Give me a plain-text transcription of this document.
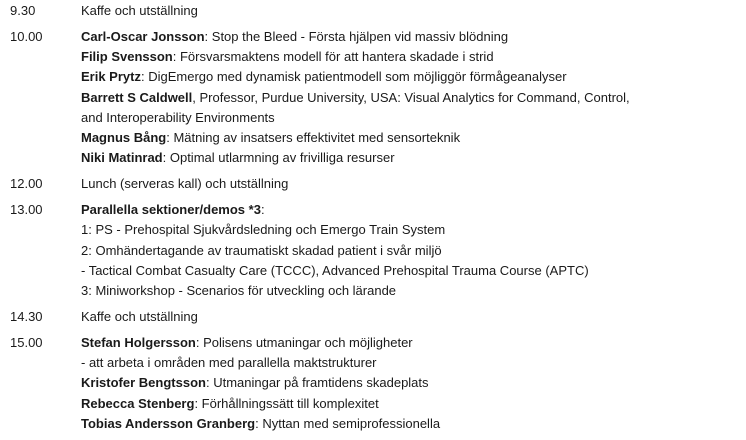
9.30	Kaffe och utställning
10.00	Carl-Oscar Jonsson: Stop the Bleed - Första hjälpen vid massiv blödning
Filip Svensson: Försvarsmaktens modell för att hantera skadade i strid
Erik Prytz: DigEmergo med dynamisk patientmodell som möjliggör förmågeanalyser
Barrett S Caldwell, Professor, Purdue University, USA: Visual Analytics for Command, Control,
and Interoperability Environments
Magnus Bång: Mätning av insatsers effektivitet med sensorteknik
Niki Matinrad: Optimal utlarmning av frivilliga resurser
12.00	Lunch (serveras kall) och utställning
13.00	Parallella sektioner/demos *3:
1: PS - Prehospital Sjukvårdsledning och Emergo Train System
2: Omhändertagande av traumatiskt skadad patient i svår miljö
- Tactical Combat Casualty Care (TCCC), Advanced Prehospital Trauma Course (APTC)
3: Miniworkshop - Scenarios för utveckling och lärande
14.30	Kaffe och utställning
15.00	Stefan Holgersson: Polisens utmaningar och möjligheter
- att arbeta i områden med parallella maktstrukturer
Kristofer Bengtsson: Utmaningar på framtidens skadeplats
Rebecca Stenberg: Förhållningssätt till komplexitet
Tobias Andersson Granberg: Nyttan med semiprofessionella
